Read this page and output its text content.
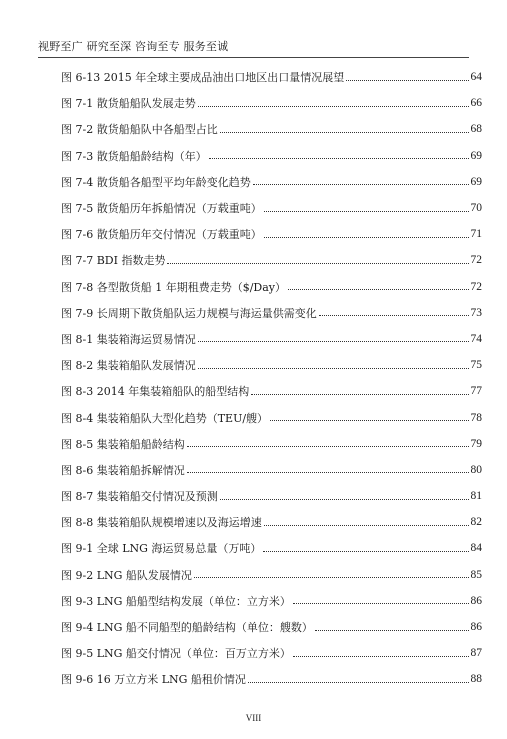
视野至广 研究至深 咨询至专 服务至诚
图 6-13 2015 年全球主要成品油出口地区出口量情况展望	64
图 7-1 散货船船队发展走势	66
图 7-2 散货船船队中各船型占比	68
图 7-3 散货船船龄结构（年）	69
图 7-4 散货船各船型平均年龄变化趋势	69
图 7-5 散货船历年拆船情况（万载重吨）	70
图 7-6 散货船历年交付情况（万载重吨）	71
图 7-7 BDI 指数走势	72
图 7-8 各型散货船 1 年期租费走势（$/Day）	72
图 7-9 长周期下散货船队运力规模与海运量供需变化	73
图 8-1 集装箱海运贸易情况	74
图 8-2 集装箱船队发展情况	75
图 8-3 2014 年集装箱船队的船型结构	77
图 8-4 集装箱船队大型化趋势（TEU/艘）	78
图 8-5 集装箱船船龄结构	79
图 8-6 集装箱船拆解情况	80
图 8-7 集装箱船交付情况及预测	81
图 8-8 集装箱船队规模增速以及海运增速	82
图 9-1 全球 LNG 海运贸易总量（万吨）	84
图 9-2 LNG 船队发展情况	85
图 9-3 LNG 船船型结构发展（单位：立方米）	86
图 9-4 LNG 船不同船型的船龄结构（单位：艘数）	86
图 9-5 LNG 船交付情况（单位：百万立方米）	87
图 9-6 16 万立方米 LNG 船租价情况	88
VIII
